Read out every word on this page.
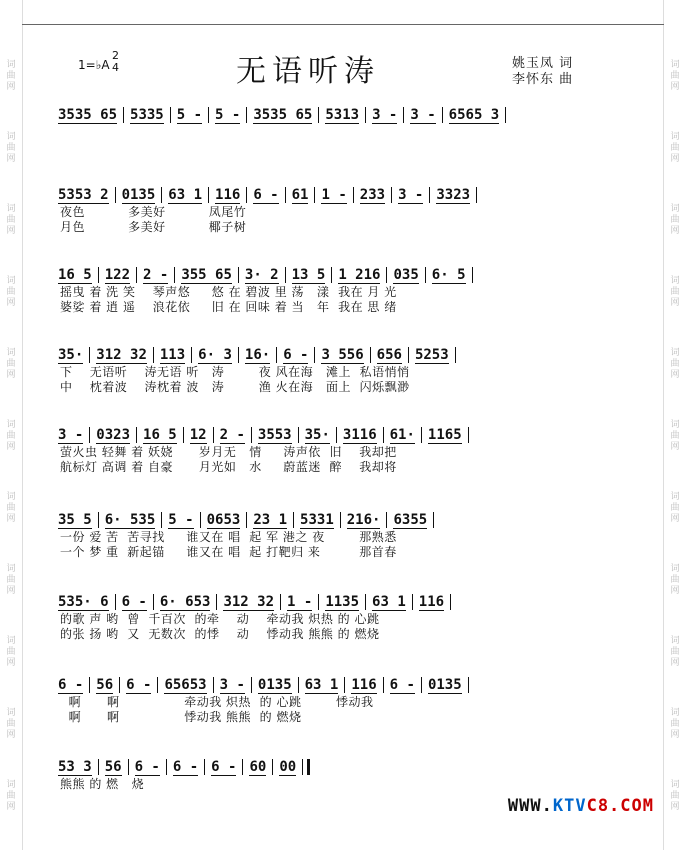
词
曲
网
词
曲
网
词
曲
网
词
曲
网
词
曲
网
词
曲
网
词
曲
网
词
曲
网
词
曲
网
词
曲
网
词
曲
网
词
曲
网
词
曲
网
词
曲
网
词
曲
网
词
曲
网
词
曲
网
词
曲
网
词
曲
网
词
曲
网
词
曲
网
词
曲
网
无语听涛
1=♭A
2
4	姚玉凤 词
李怀东 曲
3535 65 5335 5 - 5 - 3535 65 5313 3 - 3 - 6565 3
5353 2 0135 63 1 116 6 - 61 1 - 233 3 - 3323
夜色          多美好          凤尾竹
月色          多美好          椰子树
16 5 122 2 - 355 65 3· 2 13 5 1 216 035 6· 5
摇曳 着 洗 笑    琴声悠     悠 在 碧波 里 荡   漾  我在 月 光
婆娑 着 逍 遥    浪花依     旧 在 回味 着 当   年  我在 思 绪
35· 312 32 113 6· 3 16· 6 - 3 556 656 5253
下    无语听    涛无语 听   涛        夜 风在海   滩上  私语悄悄
中    枕着波    涛枕着 波   涛        渔 火在海   面上  闪烁飘渺
3 - 0323 16 5 12 2 - 3553 35· 3116 61· 1165
萤火虫 轻舞 着 妖娆      岁月无   情     涛声依  旧    我却把
航标灯 高调 着 自豪      月光如   水     蔚蓝迷  醉    我却将
35 5 6· 535 5 - 0653 23 1 5331 216· 6355
一份 爱 苦  苦寻找     谁又在 唱  起 军 港之 夜        那熟悉
一个 梦 重  新起锚     谁又在 唱  起 打靶归 来         那首春
535· 6 6 - 6· 653 312 32 1 - 1135 63 1 116
的歌 声 哟  曾  千百次  的牵    动    牵动我 炽热 的 心跳
的张 扬 哟  又  无数次  的悸    动    悸动我 熊熊 的 燃烧
6 - 56 6 - 65653 3 - 0135 63 1 116 6 - 0135
啊      啊               牵动我 炽热  的 心跳        悸动我
啊      啊               悸动我 熊熊  的 燃烧
53 3 56 6 - 6 - 6 - 60 00
熊熊 的 燃   烧
WWW.KTVC8.COM
